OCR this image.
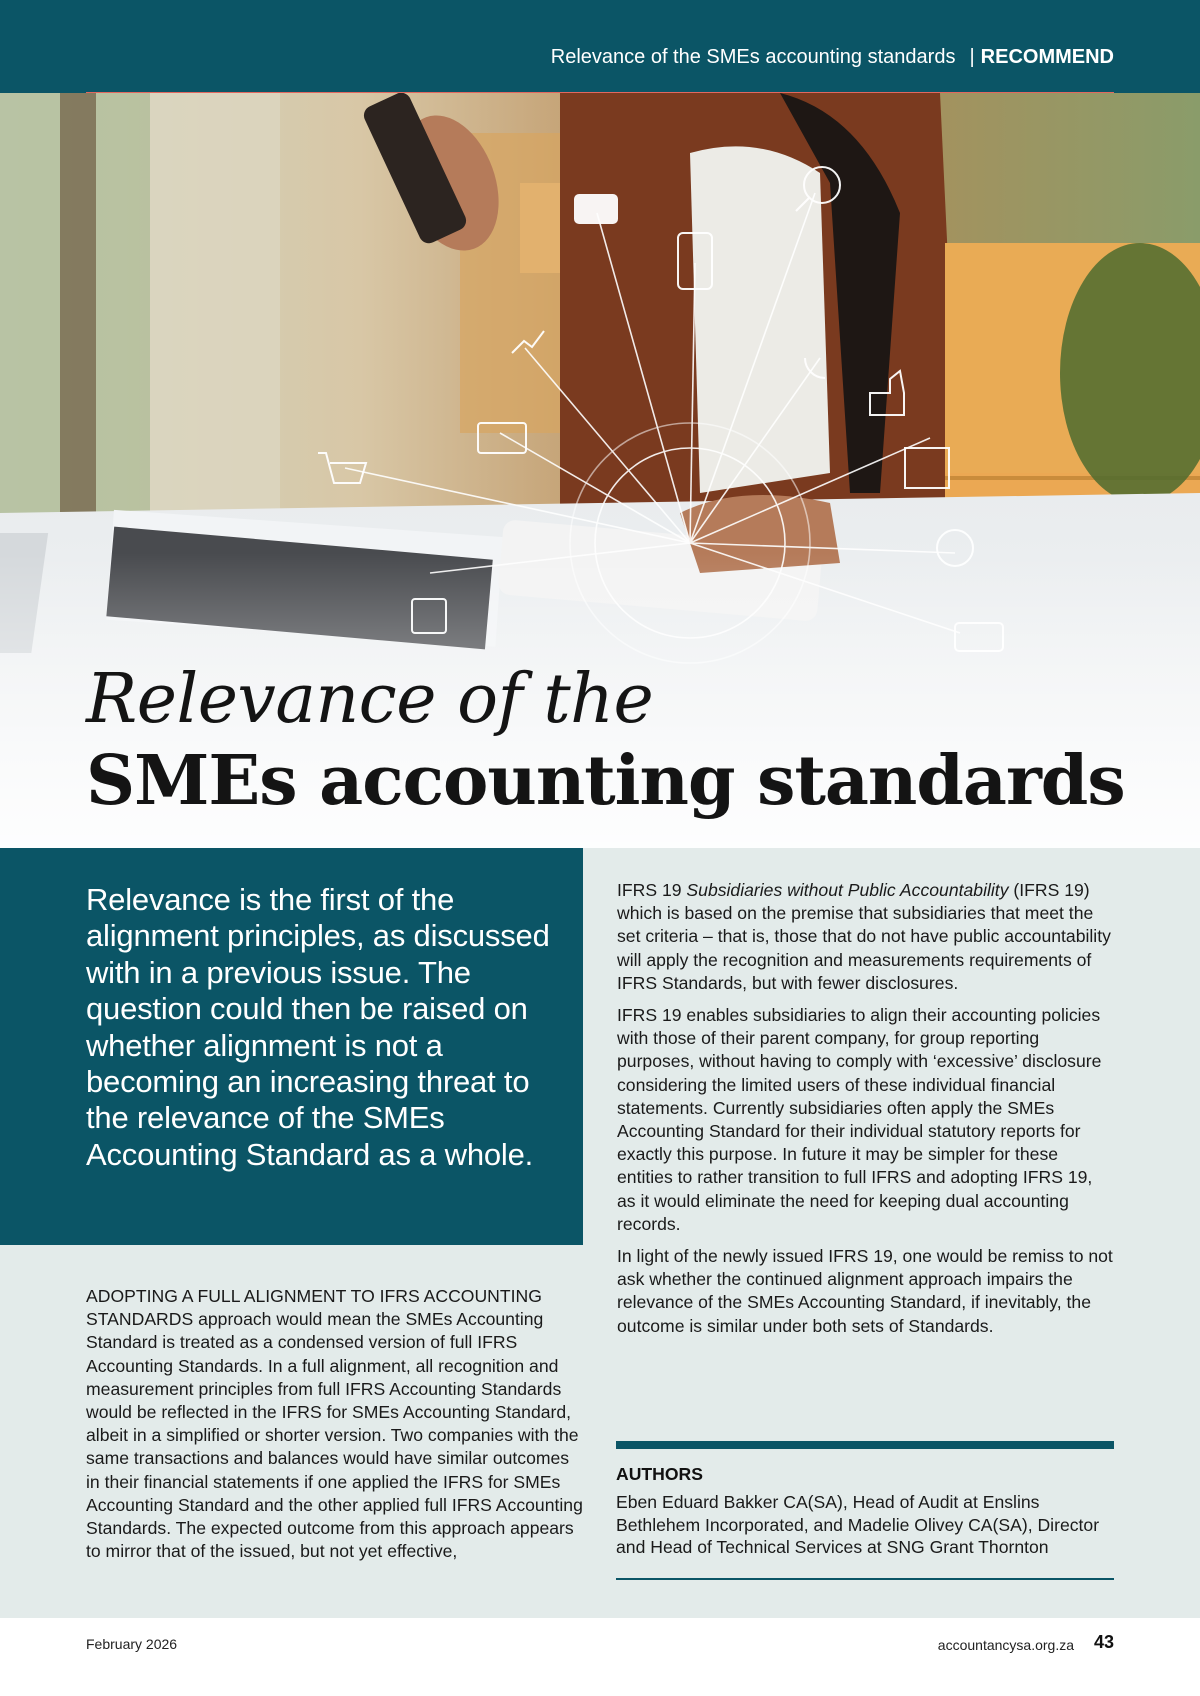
Relevance of the SMEs accounting standards | RECOMMEND
Relevance of the
SMEs accounting standards

Relevance is the first of the alignment principles, as discussed with in a previous issue. The question could then be raised on whether alignment is not a becoming an increasing threat to the relevance of the SMEs Accounting Standard as a whole.

ADOPTING A FULL ALIGNMENT TO IFRS ACCOUNTING STANDARDS approach would mean the SMEs Accounting Standard is treated as a condensed version of full IFRS Accounting Standards. In a full alignment, all recognition and measurement principles from full IFRS Accounting Standards would be reflected in the IFRS for SMEs Accounting Standard, albeit in a simplified or shorter version. Two companies with the same transactions and balances would have similar outcomes in their financial statements if one applied the IFRS for SMEs Accounting Standard and the other applied full IFRS Accounting Standards. The expected outcome from this approach appears to mirror that of the issued, but not yet effective,

IFRS 19 Subsidiaries without Public Accountability (IFRS 19) which is based on the premise that subsidiaries that meet the set criteria – that is, those that do not have public accountability will apply the recognition and measurements requirements of IFRS Standards, but with fewer disclosures.

IFRS 19 enables subsidiaries to align their accounting policies with those of their parent company, for group reporting purposes, without having to comply with ‘excessive’ disclosure considering the limited users of these individual financial statements. Currently subsidiaries often apply the SMEs Accounting Standard for their individual statutory reports for exactly this purpose. In future it may be simpler for these entities to rather transition to full IFRS and adopting IFRS 19, as it would eliminate the need for keeping dual accounting records.

In light of the newly issued IFRS 19, one would be remiss to not ask whether the continued alignment approach impairs the relevance of the SMEs Accounting Standard, if inevitably, the outcome is similar under both sets of Standards.

AUTHORS
Eben Eduard Bakker CA(SA), Head of Audit at Enslins Bethlehem Incorporated, and Madelie Olivey CA(SA), Director and Head of Technical Services at SNG Grant Thornton
February 2026	accountancysa.org.za 43
